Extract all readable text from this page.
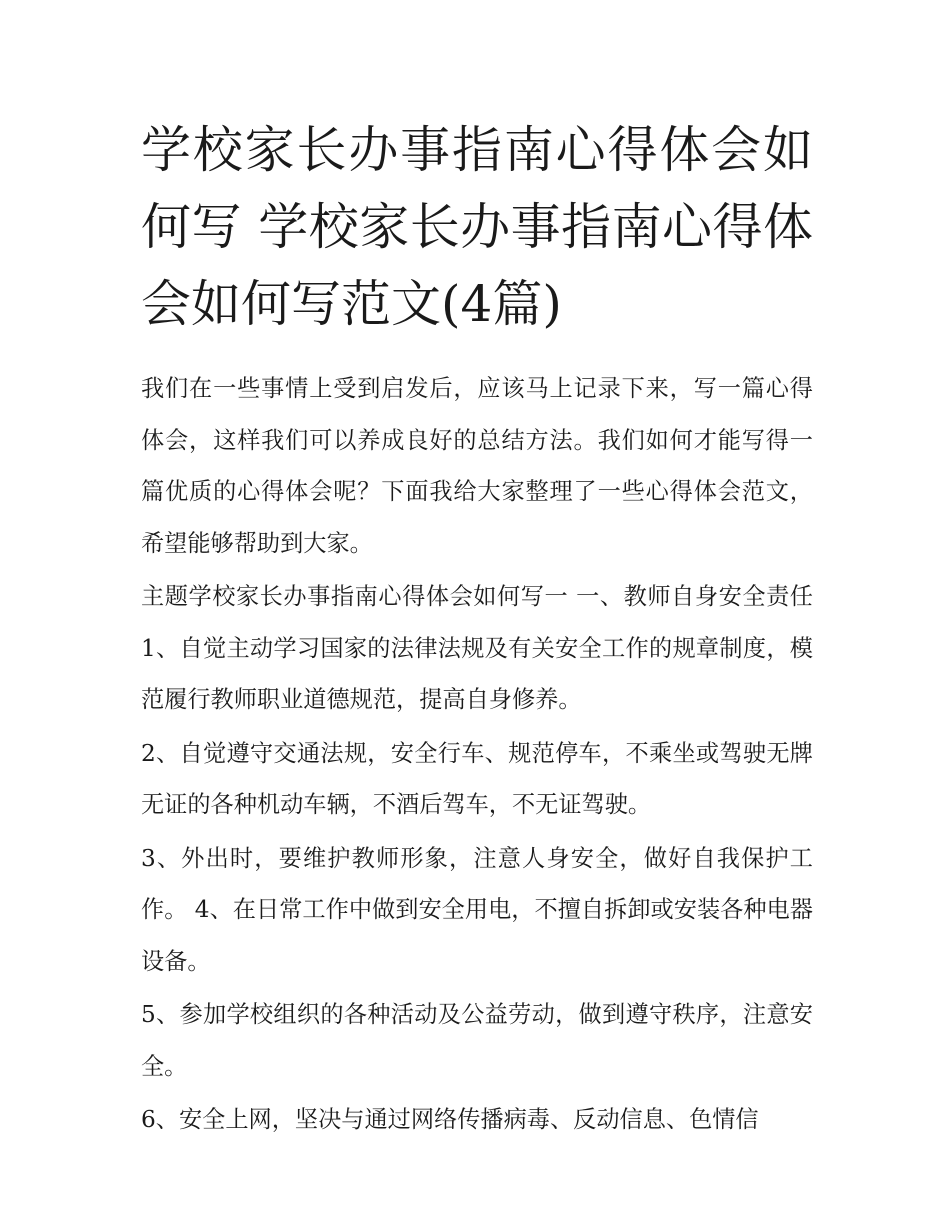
学校家长办事指南心得体会如何写 学校家长办事指南心得体会如何写范文(4篇)

我们在一些事情上受到启发后，应该马上记录下来，写一篇心得体会，这样我们可以养成良好的总结方法。我们如何才能写得一篇优质的心得体会呢？下面我给大家整理了一些心得体会范文，希望能够帮助到大家。

主题学校家长办事指南心得体会如何写一 一、教师自身安全责任 1、自觉主动学习国家的法律法规及有关安全工作的规章制度，模范履行教师职业道德规范，提高自身修养。

2、自觉遵守交通法规，安全行车、规范停车，不乘坐或驾驶无牌无证的各种机动车辆，不酒后驾车，不无证驾驶。

3、外出时，要维护教师形象，注意人身安全，做好自我保护工作。 4、在日常工作中做到安全用电，不擅自拆卸或安装各种电器设备。

5、参加学校组织的各种活动及公益劳动，做到遵守秩序，注意安全。

6、安全上网，坚决与通过网络传播病毒、反动信息、色情信
